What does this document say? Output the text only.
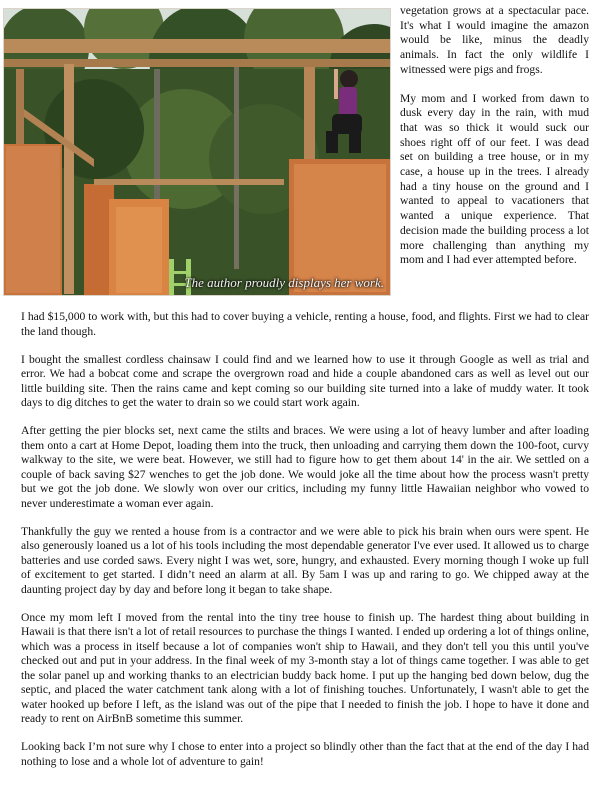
The author proudly displays her work.

vegetation grows at a spectacular pace. It's what I would imagine the amazon would be like, minus the deadly animals. In fact the only wildlife I witnessed were pigs and frogs.

My mom and I worked from dawn to dusk every day in the rain, with mud that was so thick it would suck our shoes right off of our feet. I was dead set on building a tree house, or in my case, a house up in the trees. I already had a tiny house on the ground and I wanted to appeal to vacationers that wanted a unique experience. That decision made the building process a lot more challenging than anything my mom and I had ever attempted before.

I had $15,000 to work with, but this had to cover buying a vehicle, renting a house, food, and flights. First we had to clear the land though.

I bought the smallest cordless chainsaw I could find and we learned how to use it through Google as well as trial and error. We had a bobcat come and scrape the overgrown road and hide a couple abandoned cars as well as level out our little building site. Then the rains came and kept coming so our building site turned into a lake of muddy water. It took days to dig ditches to get the water to drain so we could start work again.

After getting the pier blocks set, next came the stilts and braces. We were using a lot of heavy lumber and after loading them onto a cart at Home Depot, loading them into the truck, then unloading and carrying them down the 100-foot, curvy walkway to the site, we were beat. However, we still had to figure how to get them about 14' in the air. We settled on a couple of back saving $27 wenches to get the job done. We would joke all the time about how the process wasn't pretty but we got the job done. We slowly won over our critics, including my funny little Hawaiian neighbor who vowed to never underestimate a woman ever again.

Thankfully the guy we rented a house from is a contractor and we were able to pick his brain when ours were spent. He also generously loaned us a lot of his tools including the most dependable generator I've ever used. It allowed us to charge batteries and use corded saws. Every night I was wet, sore, hungry, and exhausted. Every morning though I woke up full of excitement to get started. I didn’t need an alarm at all. By 5am I was up and raring to go. We chipped away at the daunting project day by day and before long it began to take shape.

Once my mom left I moved from the rental into the tiny tree house to finish up. The hardest thing about building in Hawaii is that there isn't a lot of retail resources to purchase the things I wanted. I ended up ordering a lot of things online, which was a process in itself because a lot of companies won't ship to Hawaii, and they don't tell you this until you've checked out and put in your address. In the final week of my 3-month stay a lot of things came together. I was able to get the solar panel up and working thanks to an electrician buddy back home. I put up the hanging bed down below, dug the septic, and placed the water catchment tank along with a lot of finishing touches. Unfortunately, I wasn't able to get the water hooked up before I left, as the island was out of the pipe that I needed to finish the job. I hope to have it done and ready to rent on AirBnB sometime this summer.

Looking back I’m not sure why I chose to enter into a project so blindly other than the fact that at the end of the day I had nothing to lose and a whole lot of adventure to gain!
